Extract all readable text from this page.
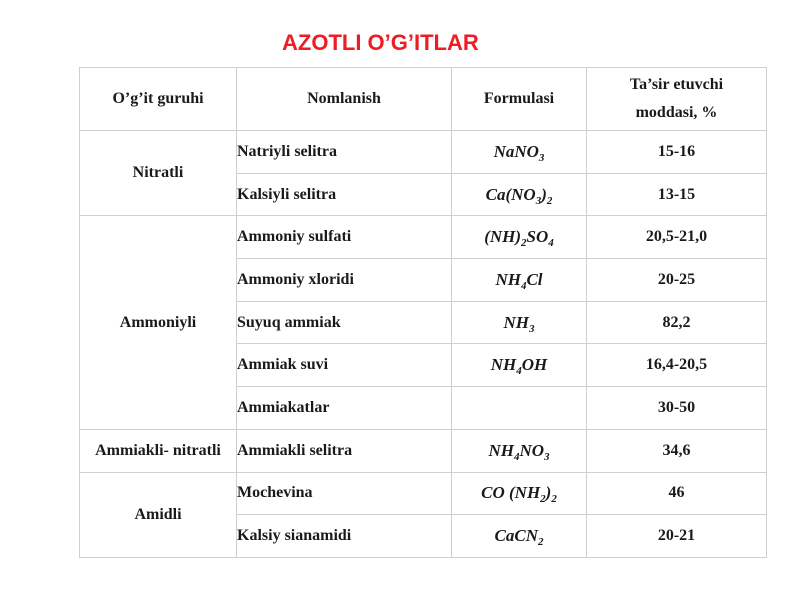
AZOTLI O’G’ITLAR
O’g’it guruhi	Nomlanish	Formulasi	Ta’sir etuvchi
moddasi, %
Nitratli	Natriyli selitra	NaNO$_3$	15-16
	Kalsiyli selitra	$Ca(NO_3)_2$	13-15
Ammoniyli	Ammoniy sulfati	$(NH)_2SO_4$	20,5-21,0
	Ammoniy xloridi	$NH_4Cl$	20-25
	Suyuq ammiak	$NH_3$	82,2
	Ammiak suvi	$NH_4OH$	16,4-20,5
	Ammiakatlar		30-50
Ammiakli- nitratli	Ammiakli selitra	$NH_4NO_3$	34,6
Amidli	Mochevina	CO $(NH_2)_2$	46
	Kalsiy sianamidi	CaCN$_2$	20-21
